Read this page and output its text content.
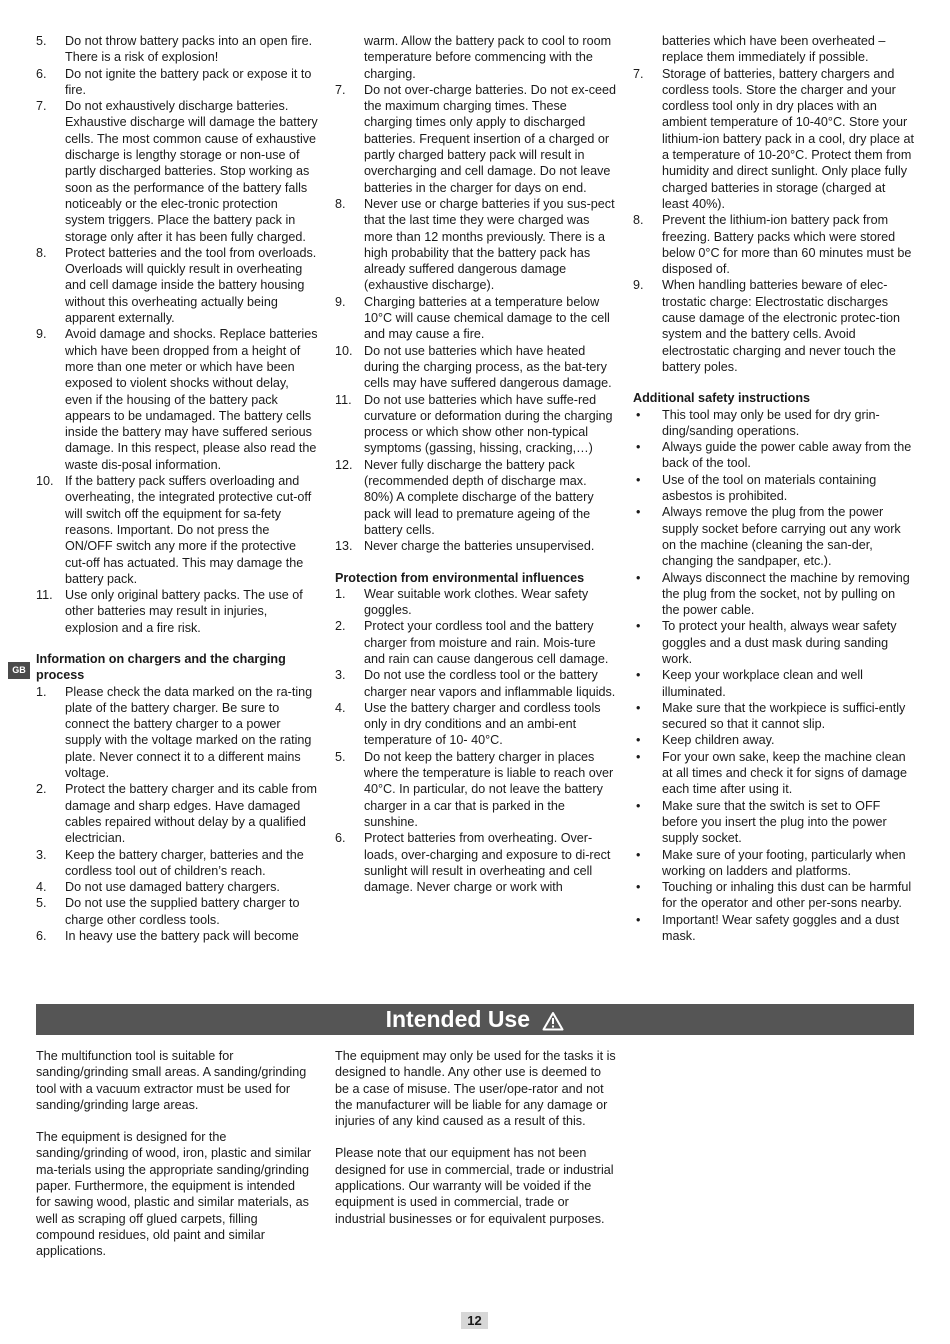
5. Do not throw battery packs into an open fire. There is a risk of explosion!
6. Do not ignite the battery pack or expose it to fire.
7. Do not exhaustively discharge batteries. Exhaustive discharge will damage the battery cells. The most common cause of exhaustive discharge is lengthy storage or non-use of partly discharged batteries. Stop working as soon as the performance of the battery falls noticeably or the elec-tronic protection system triggers. Place the battery pack in storage only after it has been fully charged.
8. Protect batteries and the tool from overloads. Overloads will quickly result in overheating and cell damage inside the battery housing without this overheating actually being apparent externally.
9. Avoid damage and shocks. Replace batteries which have been dropped from a height of more than one meter or which have been exposed to violent shocks without delay, even if the housing of the battery pack appears to be undamaged. The battery cells inside the battery may have suffered serious damage. In this respect, please also read the waste dis-posal information.
10. If the battery pack suffers overloading and overheating, the integrated protective cut-off will switch off the equipment for sa-fety reasons. Important. Do not press the ON/OFF switch any more if the protective cut-off has actuated. This may damage the battery pack.
11. Use only original battery packs. The use of other batteries may result in injuries, explosion and a fire risk.
Information on chargers and the charging process
1. Please check the data marked on the ra-ting plate of the battery charger. Be sure to connect the battery charger to a power supply with the voltage marked on the rating plate. Never connect it to a different mains voltage.
2. Protect the battery charger and its cable from damage and sharp edges. Have damaged cables repaired without delay by a qualified electrician.
3. Keep the battery charger, batteries and the cordless tool out of children’s reach.
4. Do not use damaged battery chargers.
5. Do not use the supplied battery charger to charge other cordless tools.
6. In heavy use the battery pack will become
warm. Allow the battery pack to cool to room temperature before commencing with the charging.
7. Do not over-charge batteries. Do not ex-ceed the maximum charging times. These charging times only apply to discharged batteries. Frequent insertion of a charged or partly charged battery pack will result in overcharging and cell damage. Do not leave batteries in the charger for days on end.
8. Never use or charge batteries if you sus-pect that the last time they were charged was more than 12 months previously. There is a high probability that the battery pack has already suffered dangerous damage (exhaustive discharge).
9. Charging batteries at a temperature below 10°C will cause chemical damage to the cell and may cause a fire.
10. Do not use batteries which have heated during the charging process, as the bat-tery cells may have suffered dangerous damage.
11. Do not use batteries which have suffe-red curvature or deformation during the charging process or which show other non-typical symptoms (gassing, hissing, cracking,…)
12. Never fully discharge the battery pack (recommended depth of discharge max. 80%) A complete discharge of the battery pack will lead to premature ageing of the battery cells.
13. Never charge the batteries unsupervised.
Protection from environmental influences
1. Wear suitable work clothes. Wear safety goggles.
2. Protect your cordless tool and the battery charger from moisture and rain. Mois-ture and rain can cause dangerous cell damage.
3. Do not use the cordless tool or the battery charger near vapors and inflammable liquids.
4. Use the battery charger and cordless tools only in dry conditions and an ambi-ent temperature of 10- 40°C.
5. Do not keep the battery charger in places where the temperature is liable to reach over 40°C. In particular, do not leave the battery charger in a car that is parked in the sunshine.
6. Protect batteries from overheating. Over-loads, over-charging and exposure to di-rect sunlight will result in overheating and cell damage. Never charge or work with
batteries which have been overheated – replace them immediately if possible.
7. Storage of batteries, battery chargers and cordless tools. Store the charger and your cordless tool only in dry places with an ambient temperature of 10-40°C. Store your lithium-ion battery pack in a cool, dry place at a temperature of 10-20°C. Protect them from humidity and direct sunlight. Only place fully charged batteries in storage (charged at least 40%).
8. Prevent the lithium-ion battery pack from freezing. Battery packs which were stored below 0°C for more than 60 minutes must be disposed of.
9. When handling batteries beware of elec-trostatic charge: Electrostatic discharges cause damage of the electronic protec-tion system and the battery cells. Avoid electrostatic charging and never touch the battery poles.
Additional safety instructions
• This tool may only be used for dry grin-ding/sanding operations.
• Always guide the power cable away from the back of the tool.
• Use of the tool on materials containing asbestos is prohibited.
• Always remove the plug from the power supply socket before carrying out any work on the machine (cleaning the san-der, changing the sandpaper, etc.).
• Always disconnect the machine by removing the plug from the socket, not by pulling on the power cable.
• To protect your health, always wear safety goggles and a dust mask during sanding work.
• Keep your workplace clean and well illuminated.
• Make sure that the workpiece is suffici-ently secured so that it cannot slip.
• Keep children away.
• For your own sake, keep the machine clean at all times and check it for signs of damage each time after using it.
• Make sure that the switch is set to OFF before you insert the plug into the power supply socket.
• Make sure of your footing, particularly when working on ladders and platforms.
• Touching or inhaling this dust can be harmful for the operator and other per-sons nearby.
• Important! Wear safety goggles and a dust mask.
GB
Intended Use
The multifunction tool is suitable for sanding/grinding small areas. A sanding/grinding tool with a vacuum extractor must be used for sanding/grinding large areas.
The equipment is designed for the sanding/grinding of wood, iron, plastic and similar ma-terials using the appropriate sanding/grinding paper. Furthermore, the equipment is intended for sawing wood, plastic and similar materials, as well as scraping off glued carpets, filling compound residues, old paint and similar applications.
The equipment may only be used for the tasks it is designed to handle. Any other use is deemed to be a case of misuse. The user/ope-rator and not the manufacturer will be liable for any damage or injuries of any kind caused as a result of this.
Please note that our equipment has not been designed for use in commercial, trade or industrial applications. Our warranty will be voided if the equipment is used in commercial, trade or industrial businesses or for equivalent purposes.
12
